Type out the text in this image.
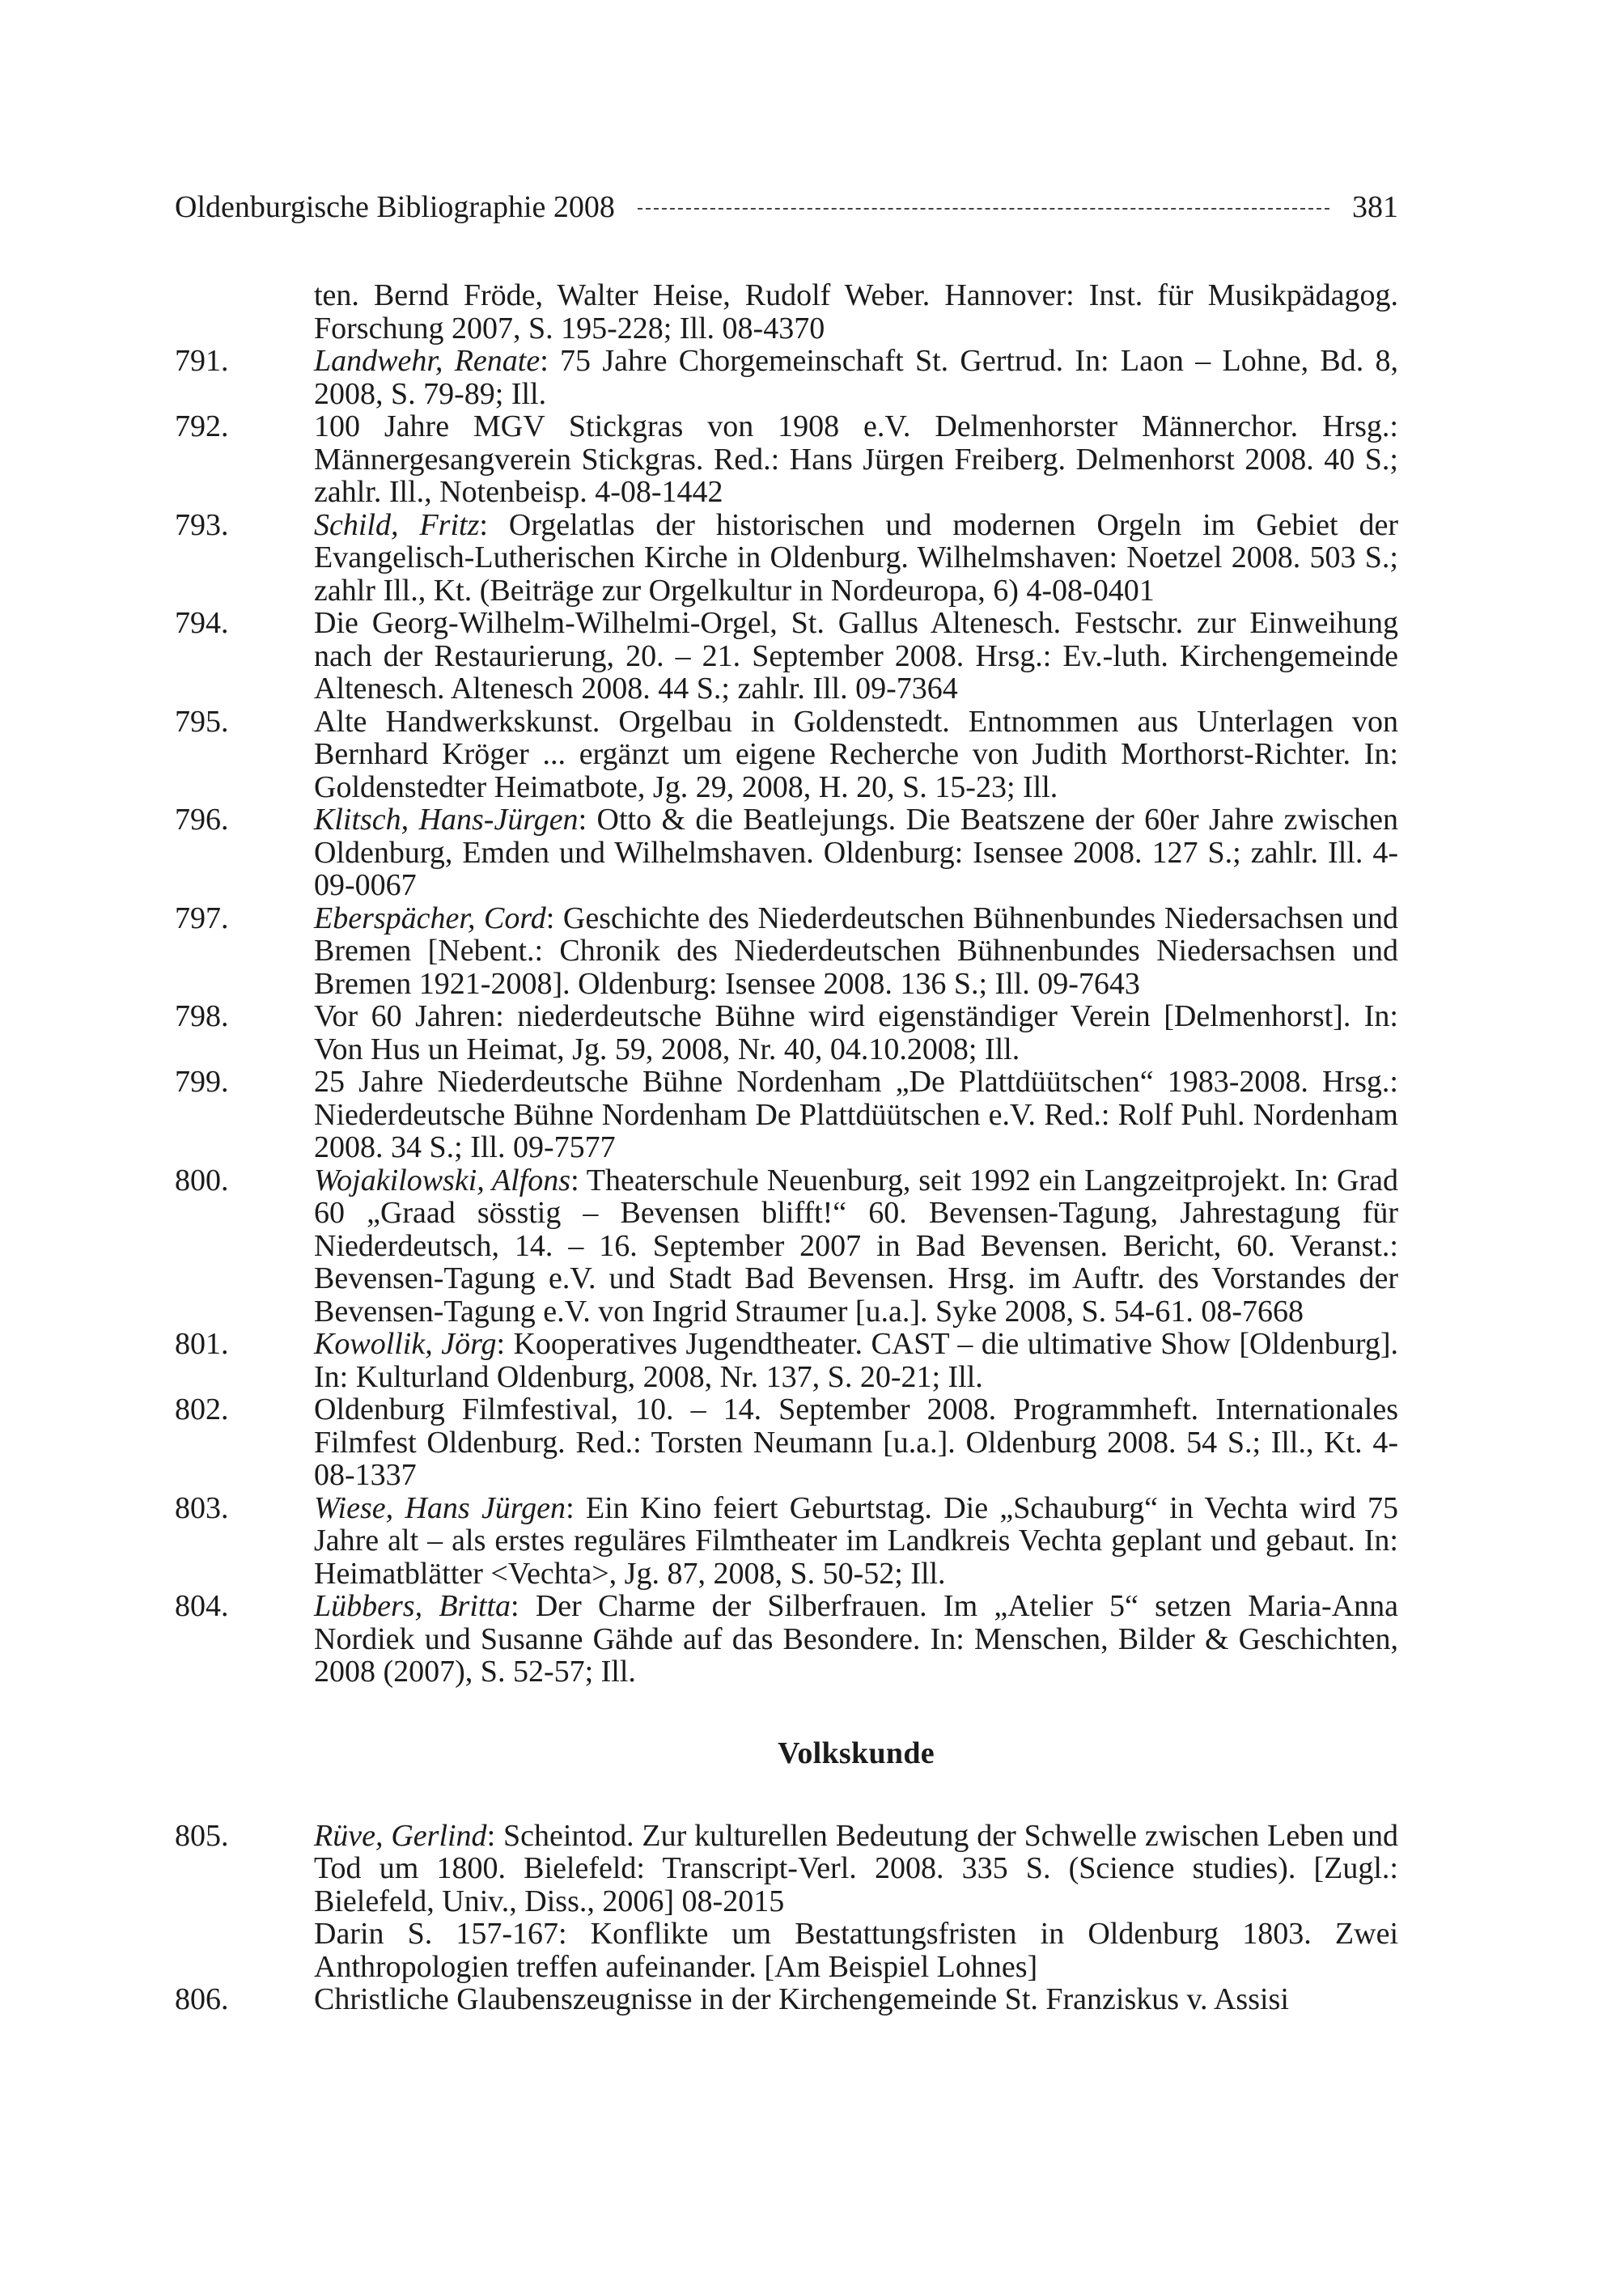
Oldenburgische Bibliographie 2008	381
ten. Bernd Fröde, Walter Heise, Rudolf Weber. Hannover: Inst. für Musikpädagog. Forschung 2007, S. 195-228; Ill. 08-4370
791.	Landwehr, Renate: 75 Jahre Chorgemeinschaft St. Gertrud. In: Laon – Lohne, Bd. 8, 2008, S. 79-89; Ill.
792.	100 Jahre MGV Stickgras von 1908 e.V. Delmenhorster Männerchor. Hrsg.: Männergesangverein Stickgras. Red.: Hans Jürgen Freiberg. Delmenhorst 2008. 40 S.; zahlr. Ill., Notenbeisp. 4-08-1442
793.	Schild, Fritz: Orgelatlas der historischen und modernen Orgeln im Gebiet der Evangelisch-Lutherischen Kirche in Oldenburg. Wilhelmshaven: Noetzel 2008. 503 S.; zahlr Ill., Kt. (Beiträge zur Orgelkultur in Nordeuropa, 6) 4-08-0401
794.	Die Georg-Wilhelm-Wilhelmi-Orgel, St. Gallus Altenesch. Festschr. zur Einweihung nach der Restaurierung, 20. – 21. September 2008. Hrsg.: Ev.-luth. Kirchengemeinde Altenesch. Altenesch 2008. 44 S.; zahlr. Ill. 09-7364
795.	Alte Handwerkskunst. Orgelbau in Goldenstedt. Entnommen aus Unterlagen von Bernhard Kröger ... ergänzt um eigene Recherche von Judith Morthorst-Richter. In: Goldenstedter Heimatbote, Jg. 29, 2008, H. 20, S. 15-23; Ill.
796.	Klitsch, Hans-Jürgen: Otto & die Beatlejungs. Die Beatszene der 60er Jahre zwischen Oldenburg, Emden und Wilhelmshaven. Oldenburg: Isensee 2008. 127 S.; zahlr. Ill. 4-09-0067
797.	Eberspächer, Cord: Geschichte des Niederdeutschen Bühnenbundes Niedersachsen und Bremen [Nebent.: Chronik des Niederdeutschen Bühnenbundes Niedersachsen und Bremen 1921-2008]. Oldenburg: Isensee 2008. 136 S.; Ill. 09-7643
798.	Vor 60 Jahren: niederdeutsche Bühne wird eigenständiger Verein [Delmenhorst]. In: Von Hus un Heimat, Jg. 59, 2008, Nr. 40, 04.10.2008; Ill.
799.	25 Jahre Niederdeutsche Bühne Nordenham „De Plattdüütschen“ 1983-2008. Hrsg.: Niederdeutsche Bühne Nordenham De Plattdüütschen e.V. Red.: Rolf Puhl. Nordenham 2008. 34 S.; Ill. 09-7577
800.	Wojakilowski, Alfons: Theaterschule Neuenburg, seit 1992 ein Langzeitprojekt. In: Grad 60 „Graad sösstig – Bevensen blifft!“ 60. Bevensen-Tagung, Jahrestagung für Niederdeutsch, 14. – 16. September 2007 in Bad Bevensen. Bericht, 60. Veranst.: Bevensen-Tagung e.V. und Stadt Bad Bevensen. Hrsg. im Auftr. des Vorstandes der Bevensen-Tagung e.V. von Ingrid Straumer [u.a.]. Syke 2008, S. 54-61. 08-7668
801.	Kowollik, Jörg: Kooperatives Jugendtheater. CAST – die ultimative Show [Oldenburg]. In: Kulturland Oldenburg, 2008, Nr. 137, S. 20-21; Ill.
802.	Oldenburg Filmfestival, 10. – 14. September 2008. Programmheft. Internationales Filmfest Oldenburg. Red.: Torsten Neumann [u.a.]. Oldenburg 2008. 54 S.; Ill., Kt. 4-08-1337
803.	Wiese, Hans Jürgen: Ein Kino feiert Geburtstag. Die „Schauburg“ in Vechta wird 75 Jahre alt – als erstes reguläres Filmtheater im Landkreis Vechta geplant und gebaut. In: Heimatblätter <Vechta>, Jg. 87, 2008, S. 50-52; Ill.
804.	Lübbers, Britta: Der Charme der Silberfrauen. Im „Atelier 5“ setzen Maria-Anna Nordiek und Susanne Gähde auf das Besondere. In: Menschen, Bilder & Geschichten, 2008 (2007), S. 52-57; Ill.
Volkskunde
805.	Rüve, Gerlind: Scheintod. Zur kulturellen Bedeutung der Schwelle zwischen Leben und Tod um 1800. Bielefeld: Transcript-Verl. 2008. 335 S. (Science studies). [Zugl.: Bielefeld, Univ., Diss., 2006] 08-2015
Darin S. 157-167: Konflikte um Bestattungsfristen in Oldenburg 1803. Zwei Anthropologien treffen aufeinander. [Am Beispiel Lohnes]
806.	Christliche Glaubenszeugnisse in der Kirchengemeinde St. Franziskus v. Assisi
